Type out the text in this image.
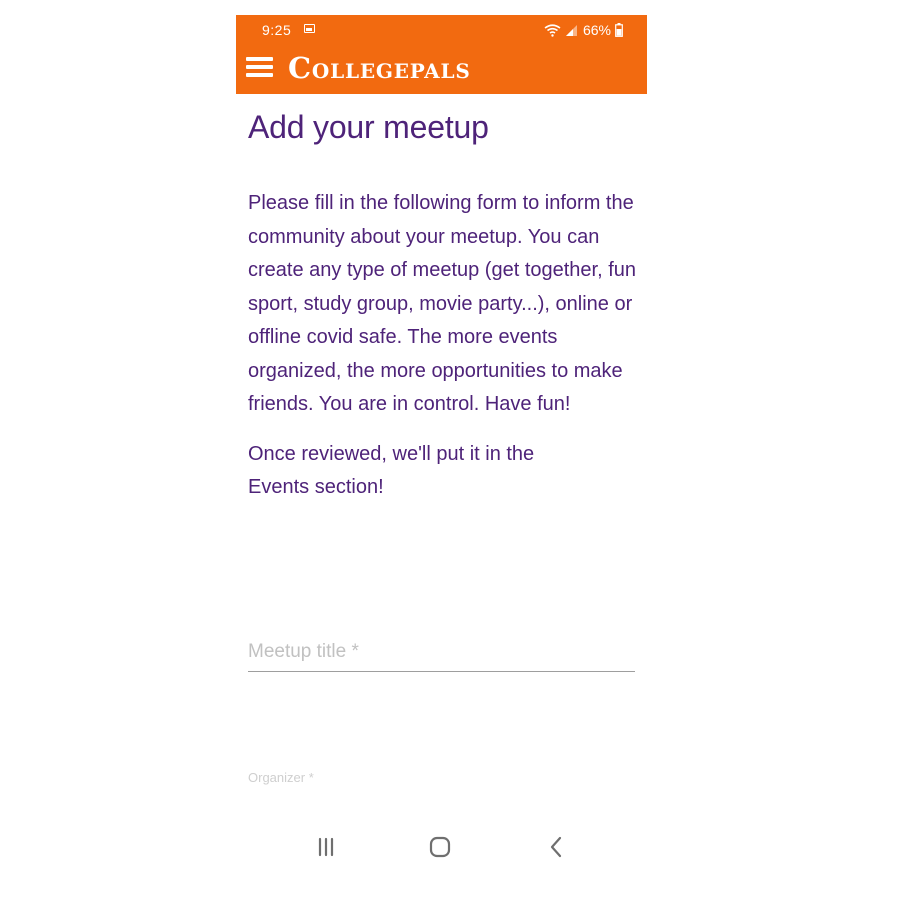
9:25	66%
Collegepals
Add your meetup

Please fill in the following form to inform the community about your meetup. You can create any type of meetup (get together, fun sport, study group, movie party...), online or offline covid safe. The more events organized, the more opportunities to make friends. You are in control. Have fun!

Once reviewed, we'll put it in the Events section!

Meetup title *
Organizer *
